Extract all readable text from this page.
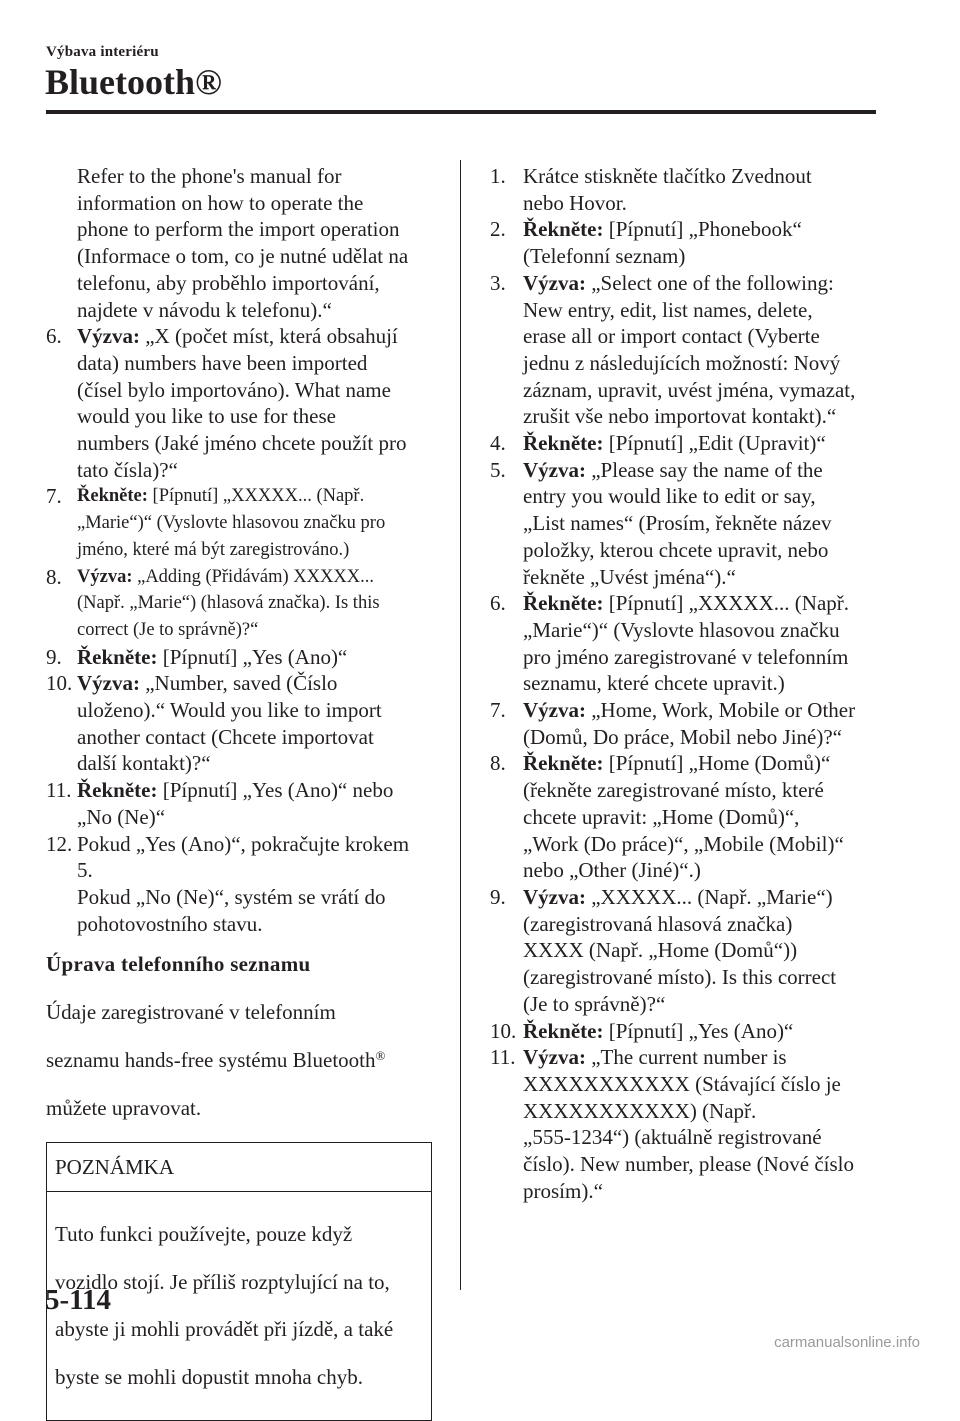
Výbava interiéru
Bluetooth®

Refer to the phone's manual for

information on how to operate the

phone to perform the import operation

(Informace o tom, co je nutné udělat na

telefonu, aby proběhlo importování,

najdete v návodu k telefonu).“

6. Výzva: „X (počet míst, která obsahují

data) numbers have been imported

(čísel bylo importováno). What name

would you like to use for these

numbers (Jaké jméno chcete použít pro

tato čísla)?“

7. Řekněte: [Pípnutí] „XXXXX... (Např.

„Marie“)“ (Vyslovte hlasovou značku pro

jméno, které má být zaregistrováno.)

8. Výzva: „Adding (Přidávám) XXXXX...

(Např. „Marie“) (hlasová značka). Is this

correct (Je to správně)?“

9. Řekněte: [Pípnutí] „Yes (Ano)“

10. Výzva: „Number, saved (Číslo

uloženo).“ Would you like to import

another contact (Chcete importovat

další kontakt)?“

11. Řekněte: [Pípnutí] „Yes (Ano)“ nebo

„No (Ne)“

12. Pokud „Yes (Ano)“, pokračujte krokem

5.

Pokud „No (Ne)“, systém se vrátí do

pohotovostního stavu.

Úprava telefonního seznamu

Údaje zaregistrované v telefonním

seznamu hands-free systému Bluetooth®

můžete upravovat.

POZNÁMKA

Tuto funkci používejte, pouze když

vozidlo stojí. Je příliš rozptylující na to,

abyste ji mohli provádět při jízdě, a také

byste se mohli dopustit mnoha chyb.

1. Krátce stiskněte tlačítko Zvednout

nebo Hovor.

2. Řekněte: [Pípnutí] „Phonebook“

(Telefonní seznam)

3. Výzva: „Select one of the following:

New entry, edit, list names, delete,

erase all or import contact (Vyberte

jednu z následujících možností: Nový

záznam, upravit, uvést jména, vymazat,

zrušit vše nebo importovat kontakt).“

4. Řekněte: [Pípnutí] „Edit (Upravit)“

5. Výzva: „Please say the name of the

entry you would like to edit or say,

„List names“ (Prosím, řekněte název

položky, kterou chcete upravit, nebo

řekněte „Uvést jména“).“

6. Řekněte: [Pípnutí] „XXXXX... (Např.

„Marie“)“ (Vyslovte hlasovou značku

pro jméno zaregistrované v telefonním

seznamu, které chcete upravit.)

7. Výzva: „Home, Work, Mobile or Other

(Domů, Do práce, Mobil nebo Jiné)?“

8. Řekněte: [Pípnutí] „Home (Domů)“

(řekněte zaregistrované místo, které

chcete upravit: „Home (Domů)“,

„Work (Do práce)“, „Mobile (Mobil)“

nebo „Other (Jiné)“.)

9. Výzva: „XXXXX... (Např. „Marie“)

(zaregistrovaná hlasová značka)

XXXX (Např. „Home (Domů“))

(zaregistrované místo). Is this correct

(Je to správně)?“

10. Řekněte: [Pípnutí] „Yes (Ano)“

11. Výzva: „The current number is

XXXXXXXXXXX (Stávající číslo je

XXXXXXXXXXX) (Např.

„555-1234“) (aktuálně registrované

číslo). New number, please (Nové číslo

prosím).“

5-114
carmanualsonline.info
